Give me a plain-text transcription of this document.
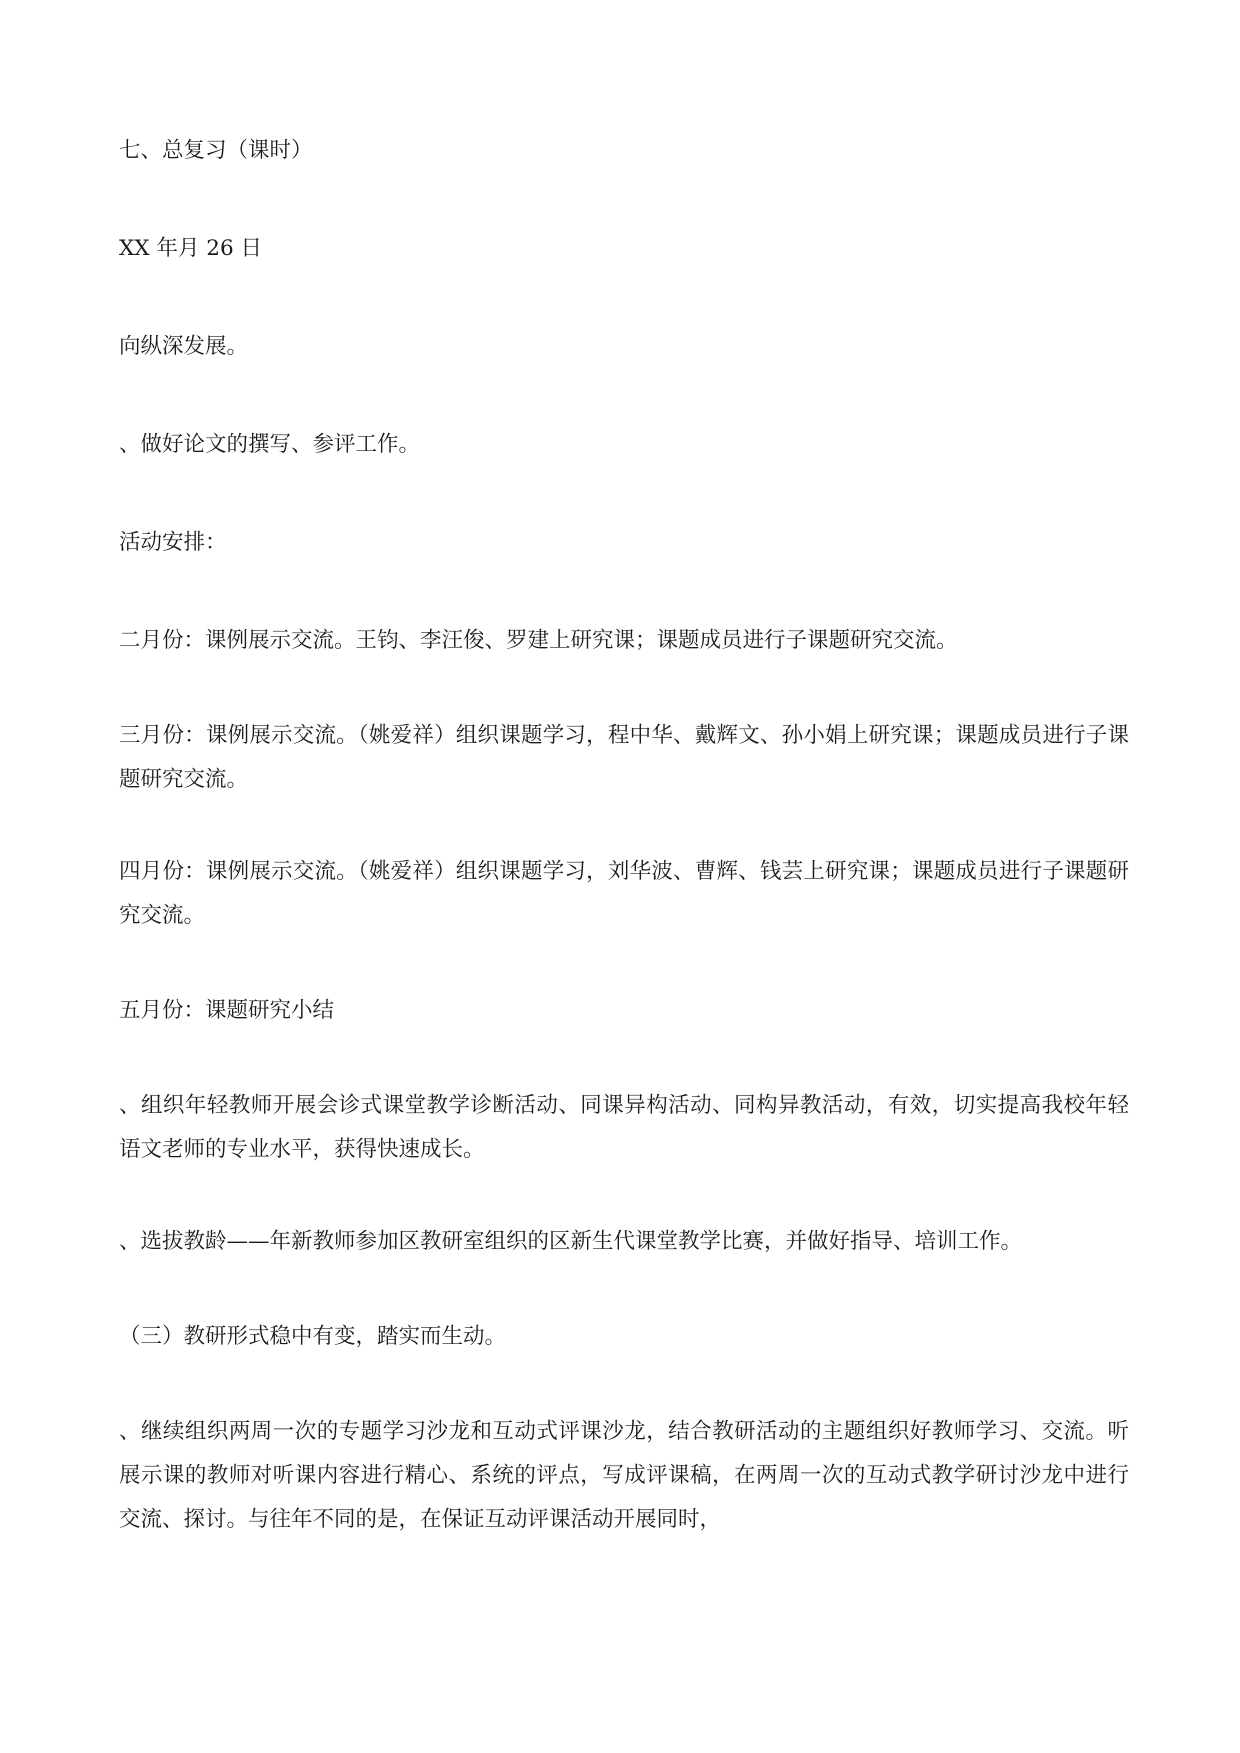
七、总复习（课时）

XX 年月 26 日

向纵深发展。

、做好论文的撰写、参评工作。

活动安排：

二月份：课例展示交流。王钧、李汪俊、罗建上研究课；课题成员进行子课题研究交流。

三月份：课例展示交流。（姚爱祥）组织课题学习，程中华、戴辉文、孙小娟上研究课；课题成员进行子课题研究交流。

四月份：课例展示交流。（姚爱祥）组织课题学习，刘华波、曹辉、钱芸上研究课；课题成员进行子课题研究交流。

五月份：课题研究小结

、组织年轻教师开展会诊式课堂教学诊断活动、同课异构活动、同构异教活动，有效，切实提高我校年轻语文老师的专业水平，获得快速成长。

、选拔教龄——年新教师参加区教研室组织的区新生代课堂教学比赛，并做好指导、培训工作。

（三）教研形式稳中有变，踏实而生动。

、继续组织两周一次的专题学习沙龙和互动式评课沙龙，结合教研活动的主题组织好教师学习、交流。听展示课的教师对听课内容进行精心、系统的评点，写成评课稿，在两周一次的互动式教学研讨沙龙中进行交流、探讨。与往年不同的是，在保证互动评课活动开展同时，
